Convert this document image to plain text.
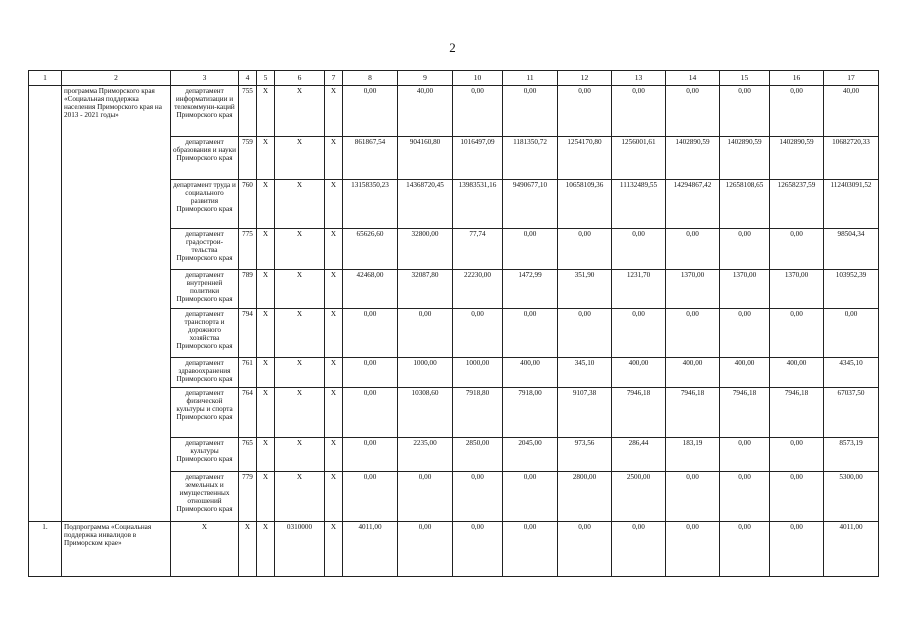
2
1	2	3	4	5	6	7	8	9	10	11	12	13	14	15	16	17
	программа Приморского края «Социальная поддержка населения Приморского края на 2013 - 2021 годы»	департамент информатизации и телекоммуни-каций Приморского края	755	X	X	X	0,00	40,00	0,00	0,00	0,00	0,00	0,00	0,00	0,00	40,00
		департамент образования и науки Приморского края	759	X	X	X	861867,54	904160,80	1016497,09	1181350,72	1254170,80	1256001,61	1402890,59	1402890,59	1402890,59	10682720,33
		департамент труда и социального развития Приморского края	760	X	X	X	13158350,23	14368720,45	13983531,16	9490677,10	10658109,36	11132489,55	14294867,42	12658108,65	12658237,59	112403091,52
		департамент градострои-тельства Приморского края	775	X	X	X	65626,60	32800,00	77,74	0,00	0,00	0,00	0,00	0,00	0,00	98504,34
		департамент внутренней политики Приморского края	789	X	X	X	42468,00	32087,80	22230,00	1472,99	351,90	1231,70	1370,00	1370,00	1370,00	103952,39
		департамент транспорта и дорожного хозяйства Приморского края	794	X	X	X	0,00	0,00	0,00	0,00	0,00	0,00	0,00	0,00	0,00	0,00
		департамент здравоохранения Приморского края	761	X	X	X	0,00	1000,00	1000,00	400,00	345,10	400,00	400,00	400,00	400,00	4345,10
		департамент физической культуры и спорта Приморского края	764	X	X	X	0,00	10308,60	7918,80	7918,00	9107,38	7946,18	7946,18	7946,18	7946,18	67037,50
		департамент культуры Приморского края	765	X	X	X	0,00	2235,00	2850,00	2045,00	973,56	286,44	183,19	0,00	0,00	8573,19
		департамент земельных и имущественных отношений Приморского края	779	X	X	X	0,00	0,00	0,00	0,00	2800,00	2500,00	0,00	0,00	0,00	5300,00
1.	Подпрограмма «Социальная поддержка инвалидов в Приморском крае»	X	X	X	0310000	X	4011,00	0,00	0,00	0,00	0,00	0,00	0,00	0,00	0,00	4011,00
